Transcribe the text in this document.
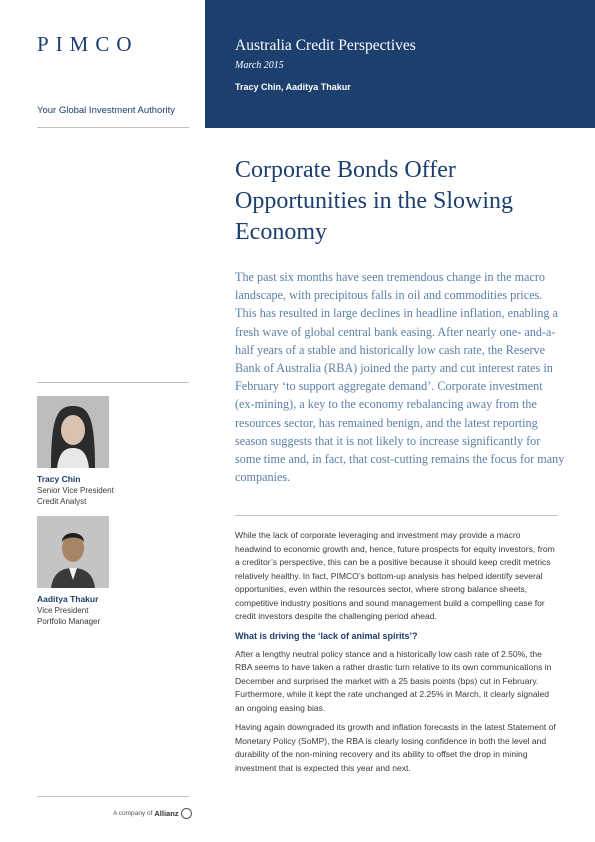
PIMCO
Your Global Investment Authority
Tracy Chin
Senior Vice President
Credit Analyst
Aaditya Thakur
Vice President
Portfolio Manager
A company of Allianz
Australia Credit Perspectives
March 2015
Tracy Chin, Aaditya Thakur
Corporate Bonds Offer Opportunities in the Slowing Economy
The past six months have seen tremendous change in the macro landscape, with precipitous falls in oil and commodities prices. This has resulted in large declines in headline inflation, enabling a fresh wave of global central bank easing. After nearly one- and-a-half years of a stable and historically low cash rate, the Reserve Bank of Australia (RBA) joined the party and cut interest rates in February ‘to support aggregate demand’. Corporate investment (ex-mining), a key to the economy rebalancing away from the resources sector, has remained benign, and the latest reporting season suggests that it is not likely to increase significantly for some time and, in fact, that cost-cutting remains the focus for many companies.

While the lack of corporate leveraging and investment may provide a macro headwind to economic growth and, hence, future prospects for equity investors, from a creditor’s perspective, this can be a positive because it should keep credit metrics relatively healthy. In fact, PIMCO’s bottom-up analysis has helped identify several opportunities, even within the resources sector, where strong balance sheets, competitive industry positions and sound management build a compelling case for credit investors despite the challenging period ahead.

What is driving the ‘lack of animal spirits’?

After a lengthy neutral policy stance and a historically low cash rate of 2.50%, the RBA seems to have taken a rather drastic turn relative to its own communications in December and surprised the market with a 25 basis points (bps) cut in February. Furthermore, while it kept the rate unchanged at 2.25% in March, it clearly signaled an ongoing easing bias.

Having again downgraded its growth and inflation forecasts in the latest Statement of Monetary Policy (SoMP), the RBA is clearly losing confidence in both the level and durability of the non-mining recovery and its ability to offset the drop in mining investment that is expected this year and next.
